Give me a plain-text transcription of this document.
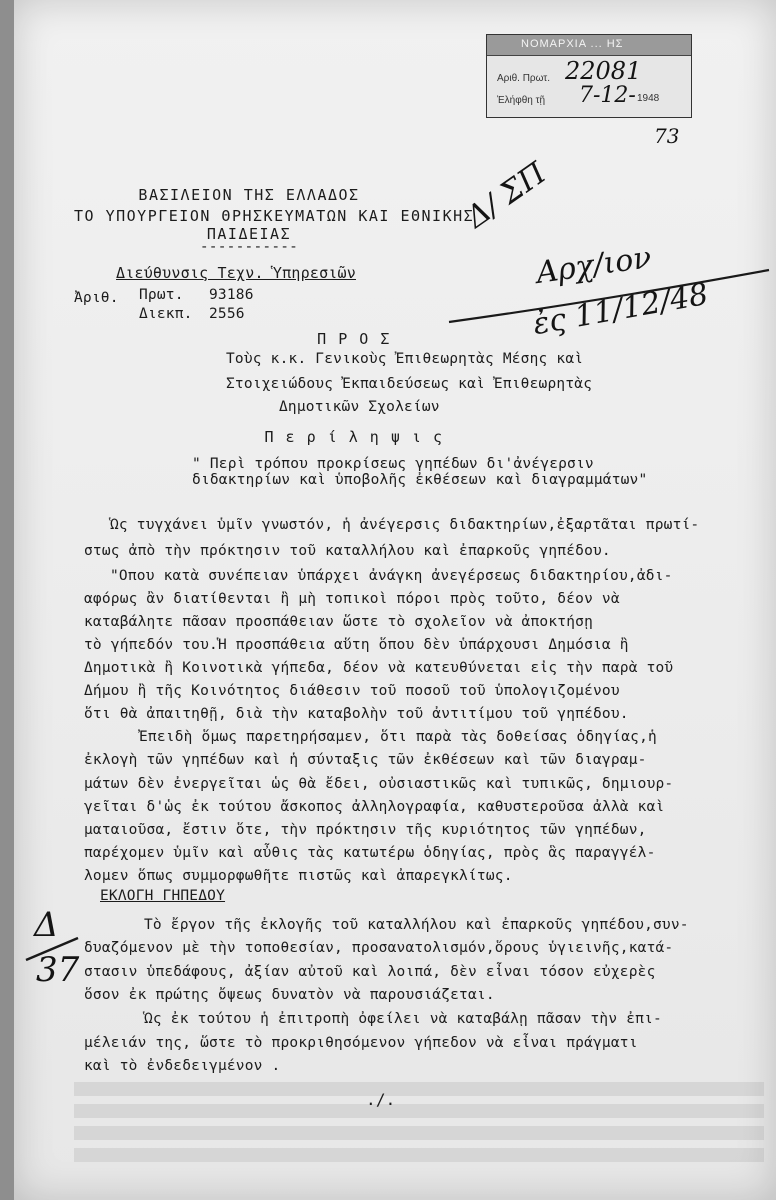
ΝΟΜΑΡΧΙΑ ... ΗΣ
Αριθ. Πρωτ.
Ἐλήφθη τῇ
22081
7-12- 1948
73
ΒΑΣΙΛΕΙΟΝ ΤΗΣ ΕΛΛΑΔΟΣ
ΤΟ ΥΠΟΥΡΓΕΙΟΝ ΘΡΗΣΚΕΥΜΑΤΩΝ ΚΑΙ ΕΘΝΙΚΗΣ
ΠΑΙΔΕΙΑΣ
-----------
Διεύθυνσις Τεχν. Ὑπηρεσιῶν
Ἀριθ. Πρωτ. 93186
Διεκπ. 2556
Δ/ ΣΠ
Αρχ/ιον
ἐς 11/12/48
Δ
37
Π Ρ Ο Σ
Τοὺς κ.κ. Γενικοὺς Ἐπιθεωρητὰς Μέσης καὶ
Στοιχειώδους Ἐκπαιδεύσεως καὶ Ἐπιθεωρητὰς
Δημοτικῶν Σχολείων
Π ε ρ ί λ η ψ ι ς
" Περὶ τρόπου προκρίσεως γηπέδων δι'ἀνέγερσιν
διδακτηρίων καὶ ὑποβολῆς ἐκθέσεων καὶ διαγραμμάτων"
Ὡς τυγχάνει ὑμῖν γνωστόν, ἡ ἀνέγερσις διδακτηρίων,ἐξαρτᾶται πρωτί-
στως ἀπὸ τὴν πρόκτησιν τοῦ καταλλήλου καὶ ἐπαρκοῦς γηπέδου.
"Οπου κατὰ συνέπειαν ὑπάρχει ἀνάγκη ἀνεγέρσεως διδακτηρίου,ἀδι-
αφόρως ἂν διατίθενται ἢ μὴ τοπικοὶ πόροι πρὸς τοῦτο, δέον νὰ
καταβάλητε πᾶσαν προσπάθειαν ὥστε τὸ σχολεῖον νὰ ἀποκτήσῃ
τὸ γήπεδόν του.Ἡ προσπάθεια αὕτη ὅπου δὲν ὑπάρχουσι Δημόσια ἢ
Δημοτικὰ ἢ Κοινοτικὰ γήπεδα, δέον νὰ κατευθύνεται εἰς τὴν παρὰ τοῦ
Δήμου ἢ τῆς Κοινότητος διάθεσιν τοῦ ποσοῦ τοῦ ὑπολογιζομένου
ὅτι θὰ ἀπαιτηθῇ, διὰ τὴν καταβολὴν τοῦ ἀντιτίμου τοῦ γηπέδου.
Ἐπειδὴ ὅμως παρετηρήσαμεν, ὅτι παρὰ τὰς δοθείσας ὁδηγίας,ἡ
ἐκλογὴ τῶν γηπέδων καὶ ἡ σύνταξις τῶν ἐκθέσεων καὶ τῶν διαγραμ-
μάτων δὲν ἐνεργεῖται ὡς θὰ ἔδει, οὐσιαστικῶς καὶ τυπικῶς, δημιουρ-
γεῖται δ'ὡς ἐκ τούτου ἄσκοπος ἀλληλογραφία, καθυστεροῦσα ἀλλὰ καὶ
ματαιοῦσα, ἔστιν ὅτε, τὴν πρόκτησιν τῆς κυριότητος τῶν γηπέδων,
παρέχομεν ὑμῖν καὶ αὖθις τὰς κατωτέρω ὁδηγίας, πρὸς ἃς παραγγέλ-
λομεν ὅπως συμμορφωθῆτε πιστῶς καὶ ἀπαρεγκλίτως.
ΕΚΛΟΓΗ ΓΗΠΕΔΟΥ
Τὸ ἔργον τῆς ἐκλογῆς τοῦ καταλλήλου καὶ ἐπαρκοῦς γηπέδου,συν-
δυαζόμενον μὲ τὴν τοποθεσίαν, προσανατολισμόν,ὅρους ὑγιεινῆς,κατά-
στασιν ὑπεδάφους, ἀξίαν αὐτοῦ καὶ λοιπά, δὲν εἶναι τόσον εὐχερὲς
ὅσον ἐκ πρώτης ὄψεως δυνατὸν νὰ παρουσιάζεται.
Ὡς ἐκ τούτου ἡ ἐπιτροπὴ ὀφείλει νὰ καταβάλῃ πᾶσαν τὴν ἐπι-
μέλειάν της, ὥστε τὸ προκριθησόμενον γήπεδον νὰ εἶναι πράγματι
καὶ τὸ ἐνδεδειγμένον .
./.
